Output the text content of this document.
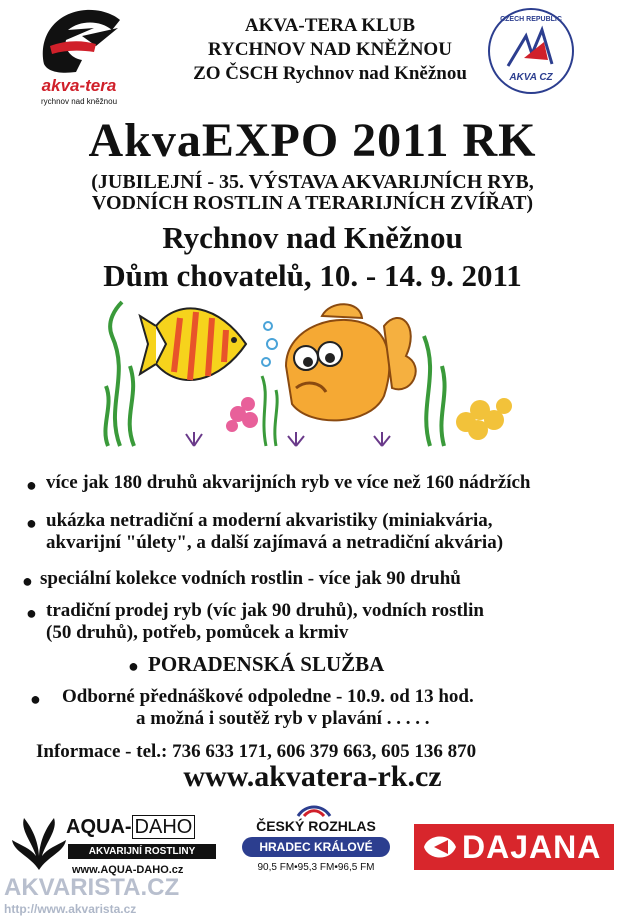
akva-tera
rychnov nad kněžnou
AKVA-TERA KLUB
RYCHNOV NAD KNĚŽNOU
ZO ČSCH Rychnov nad Kněžnou
CZECH REPUBLIC
AKVA CZ
AkvaEXPO 2011 RK
(JUBILEJNÍ - 35. VÝSTAVA AKVARIJNÍCH RYB,
VODNÍCH ROSTLIN A TERARIJNÍCH ZVÍŘAT)
Rychnov nad Kněžnou
Dům chovatelů, 10. - 14. 9. 2011
● více jak 180 druhů akvarijních ryb ve více než 160 nádržích
● ukázka netradiční a moderní akvaristiky (miniakvária,
akvarijní "úlety", a další zajímavá a netradiční akvária)
● speciální kolekce vodních rostlin - více jak 90 druhů
● tradiční prodej ryb (víc jak 90 druhů), vodních rostlin
(50 druhů), potřeb, pomůcek a krmiv
● PORADENSKÁ SLUŽBA
● Odborné přednáškové odpoledne - 10.9. od 13 hod.
a možná i soutěž ryb v plavání . . . . .
Informace - tel.: 736 633 171, 606 379 663, 605 136 870
www.akvatera-rk.cz
AQUA- DAHO
AKVARIJNÍ ROSTLINY
www.AQUA-DAHO.cz
ČESKÝ ROZHLAS
HRADEC KRÁLOVÉ
90,5 FM•95,3 FM•96,5 FM
DAJANA
AKVARISTA.CZ
http://www.akvarista.cz
